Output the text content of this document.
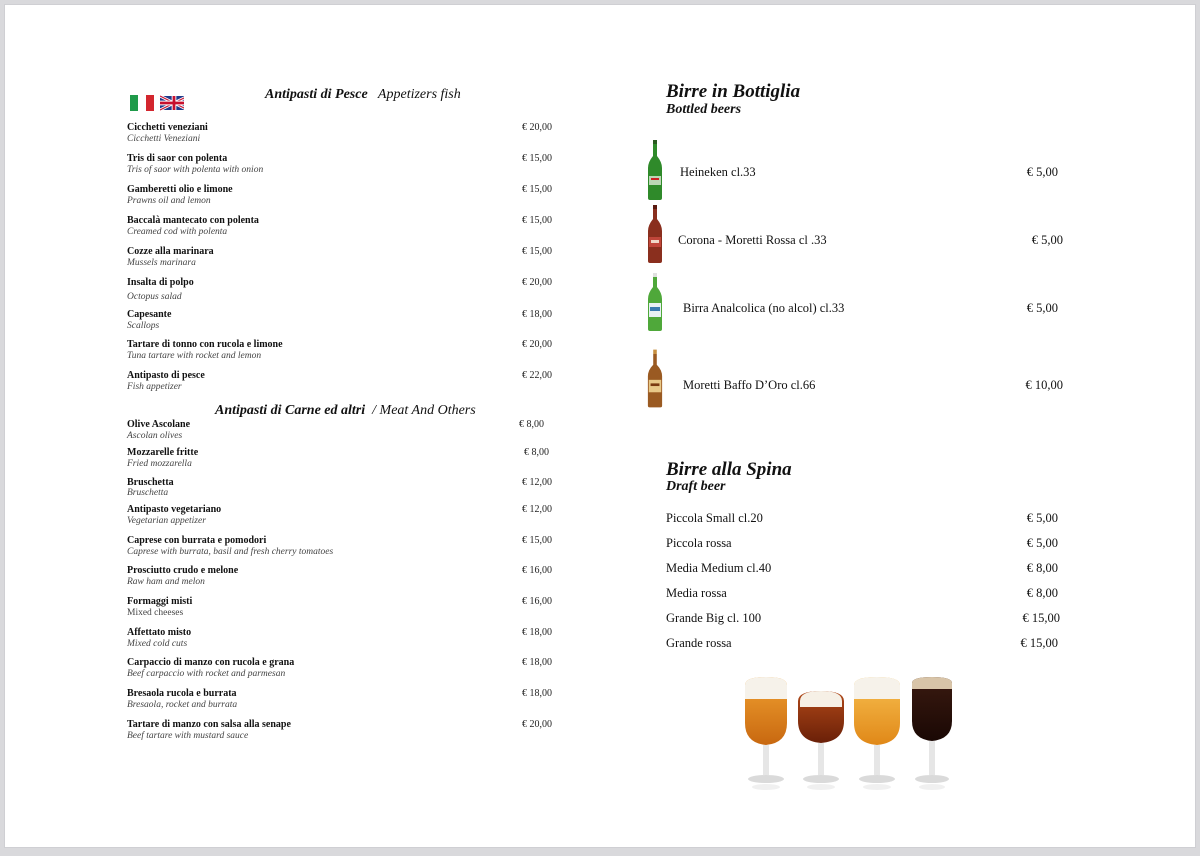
Antipasti di Pesce Appetizers fish
Cicchetti veneziani
Cicchetti Veneziani
€ 20,00
Tris di saor con polenta
Tris of saor with polenta with onion
€ 15,00
Gamberetti olio e limone
Prawns oil and lemon
€ 15,00
Baccalà mantecato con polenta
Creamed cod with polenta
€ 15,00
Cozze alla marinara
Mussels marinara
€ 15,00
Insalta di polpo
Octopus salad
€ 20,00
Capesante
Scallops
€ 18,00
Tartare di tonno con rucola e limone
Tuna tartare with rocket and lemon
€ 20,00
Antipasto di pesce
Fish appetizer
€ 22,00
Antipasti di Carne ed altri / Meat And Others
Olive Ascolane
Ascolan olives
€ 8,00
Mozzarelle fritte
Fried mozzarella
€ 8,00
Bruschetta
Bruschetta
€ 12,00
Antipasto vegetariano
Vegetarian appetizer
€ 12,00
Caprese con burrata e pomodori
Caprese with burrata, basil and fresh cherry tomatoes
€ 15,00
Prosciutto crudo e melone
Raw ham and melon
€ 16,00
Formaggi misti
Mixed cheeses
€ 16,00
Affettato misto
Mixed cold cuts
€ 18,00
Carpaccio di manzo con rucola e grana
Beef carpaccio with rocket and parmesan
€ 18,00
Bresaola rucola e burrata
Bresaola, rocket and burrata
€ 18,00
Tartare di manzo con salsa alla senape
Beef tartare with mustard sauce
€ 20,00
Birre in Bottiglia
Bottled beers
Heineken cl.33	€ 5,00
Corona - Moretti Rossa cl .33	€ 5,00
Birra Analcolica (no alcol) cl.33	€ 5,00
Moretti Baffo D’Oro cl.66	€ 10,00
Birre alla Spina
Draft beer
Piccola Small cl.20	€ 5,00
Piccola rossa	€ 5,00
Media Medium cl.40	€ 8,00
Media rossa	€ 8,00
Grande Big cl. 100	€ 15,00
Grande rossa	€ 15,00
